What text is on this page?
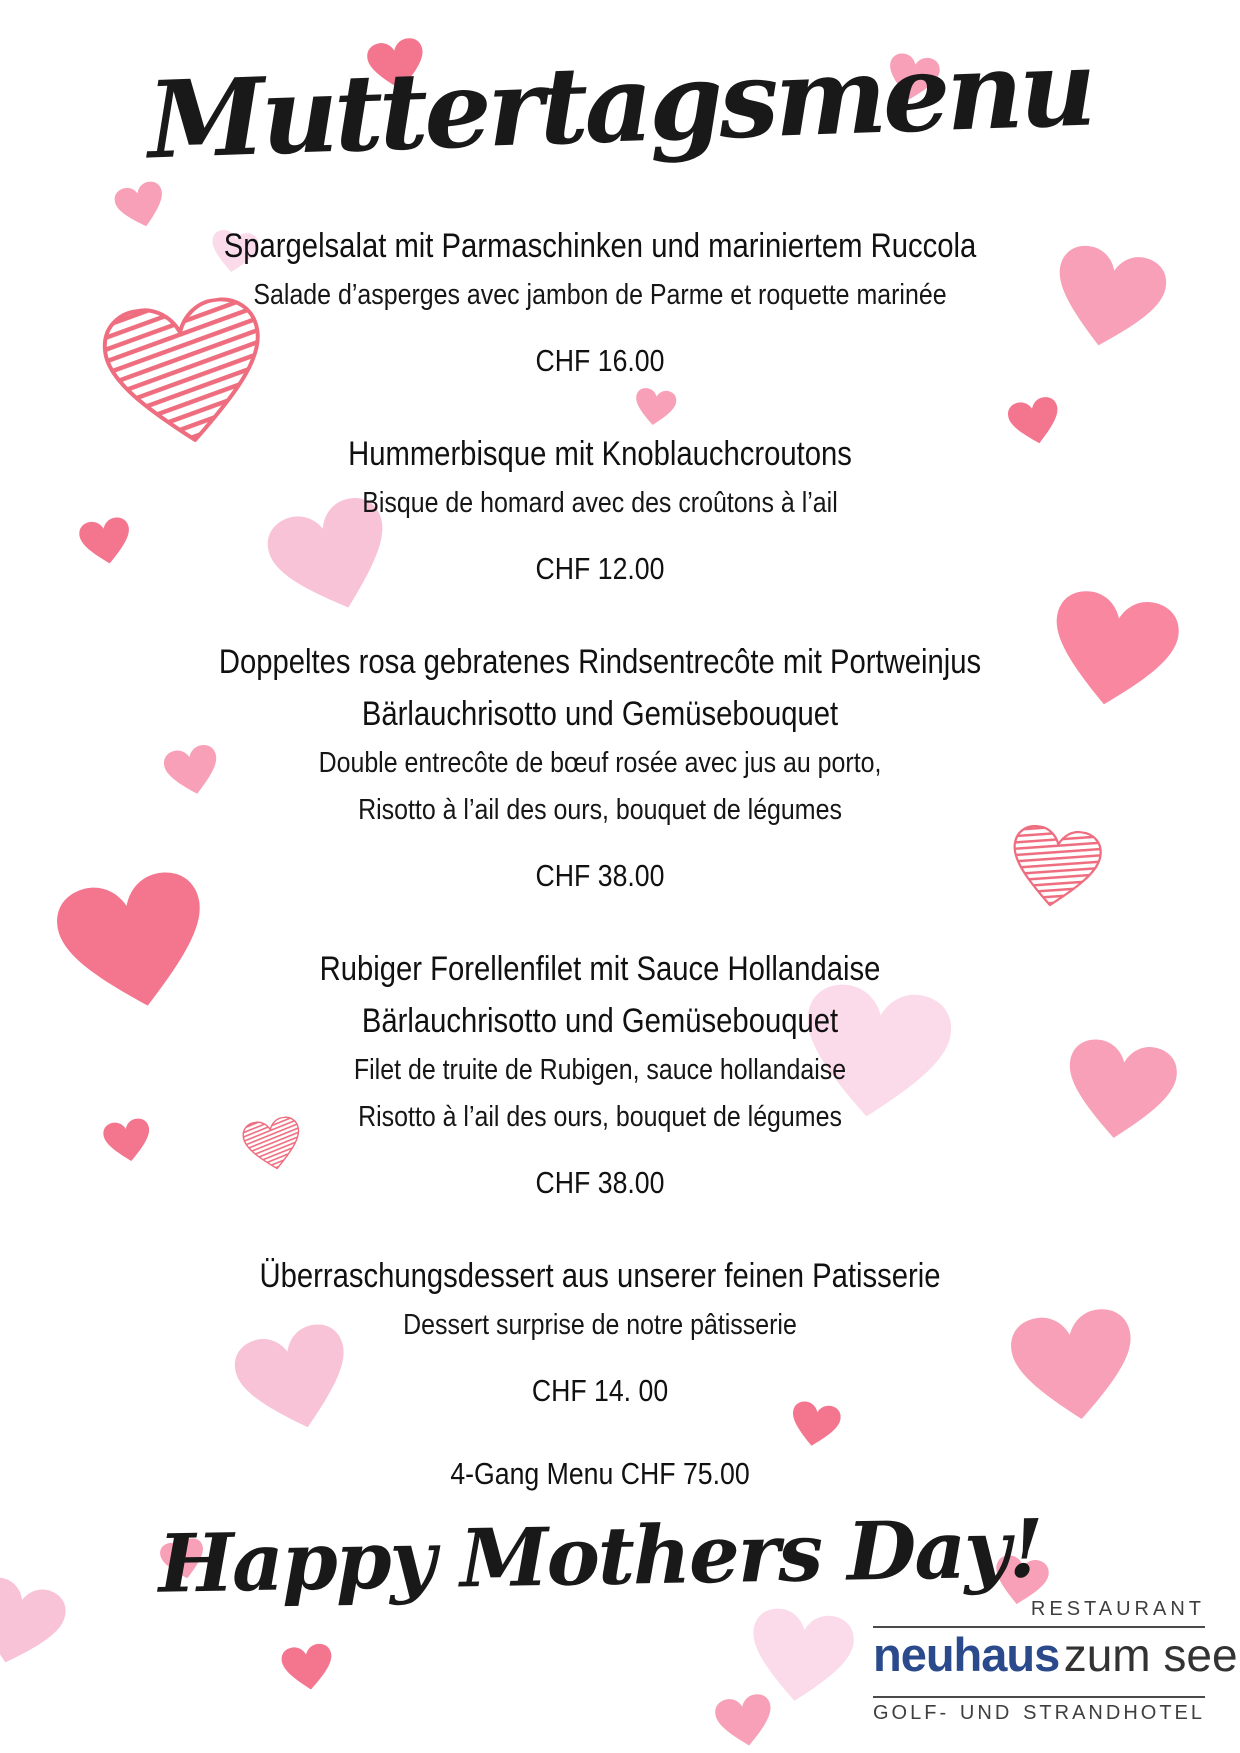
Muttertagsmenu
Spargelsalat mit Parmaschinken und mariniertem Ruccola
Salade d’asperges avec jambon de Parme et roquette marinée
CHF 16.00
Hummerbisque mit Knoblauchcroutons
Bisque de homard avec des croûtons à l’ail
CHF 12.00
Doppeltes rosa gebratenes Rindsentrecôte mit Portweinjus
Bärlauchrisotto und Gemüsebouquet
Double entrecôte de bœuf rosée avec jus au porto,
Risotto à l’ail des ours, bouquet de légumes
CHF 38.00
Rubiger Forellenfilet mit Sauce Hollandaise
Bärlauchrisotto und Gemüsebouquet
Filet de truite de Rubigen, sauce hollandaise
Risotto à l’ail des ours, bouquet de légumes
CHF 38.00
Überraschungsdessert aus unserer feinen Patisserie
Dessert surprise de notre pâtisserie
CHF 14. 00
4-Gang Menu CHF 75.00
Happy Mothers Day!
RESTAURANT
neuhaus zum see
GOLF- UND STRANDHOTEL
